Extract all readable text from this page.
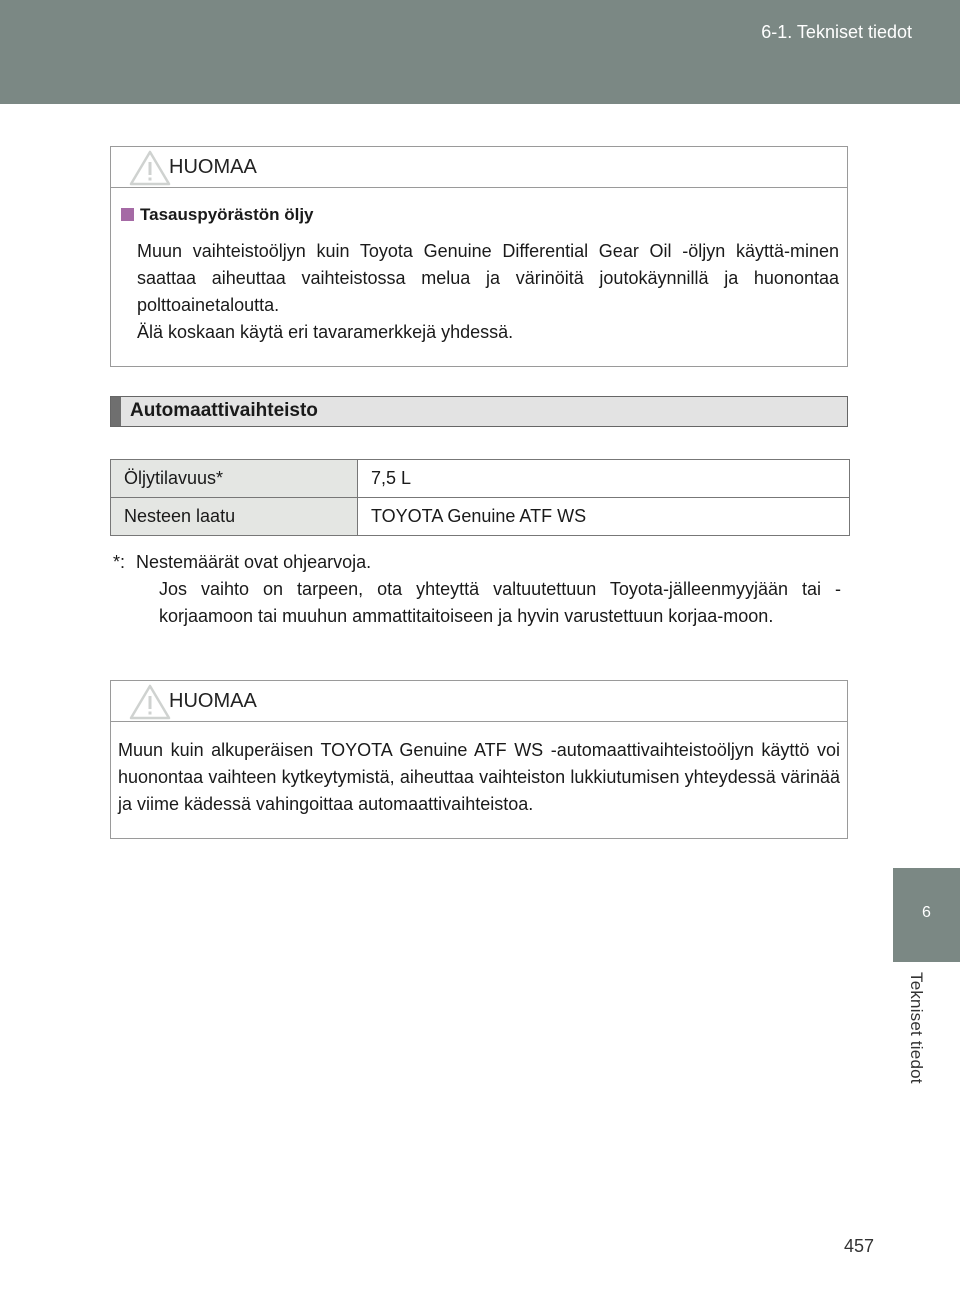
6-1. Tekniset tiedot
6
Tekniset tiedot
HUOMAA
Tasauspyörästön öljy
Muun vaihteistoöljyn kuin Toyota Genuine Differential Gear Oil -öljyn käyttä-minen saattaa aiheuttaa vaihteistossa melua ja värinöitä joutokäynnillä ja huonontaa polttoainetaloutta.
Älä koskaan käytä eri tavaramerkkejä yhdessä.
Automaattivaihteisto
Öljytilavuus*	7,5 L
Nesteen laatu	TOYOTA Genuine ATF WS
*: Nestemäärät ovat ohjearvoja.
Jos vaihto on tarpeen, ota yhteyttä valtuutettuun Toyota-jälleenmyyjään tai -korjaamoon tai muuhun ammattitaitoiseen ja hyvin varustettuun korjaa-moon.
HUOMAA
Muun kuin alkuperäisen TOYOTA Genuine ATF WS -automaattivaihteistoöljyn käyttö voi huonontaa vaihteen kytkeytymistä, aiheuttaa vaihteiston lukkiutumisen yhteydessä värinää ja viime kädessä vahingoittaa automaattivaihteistoa.
457
